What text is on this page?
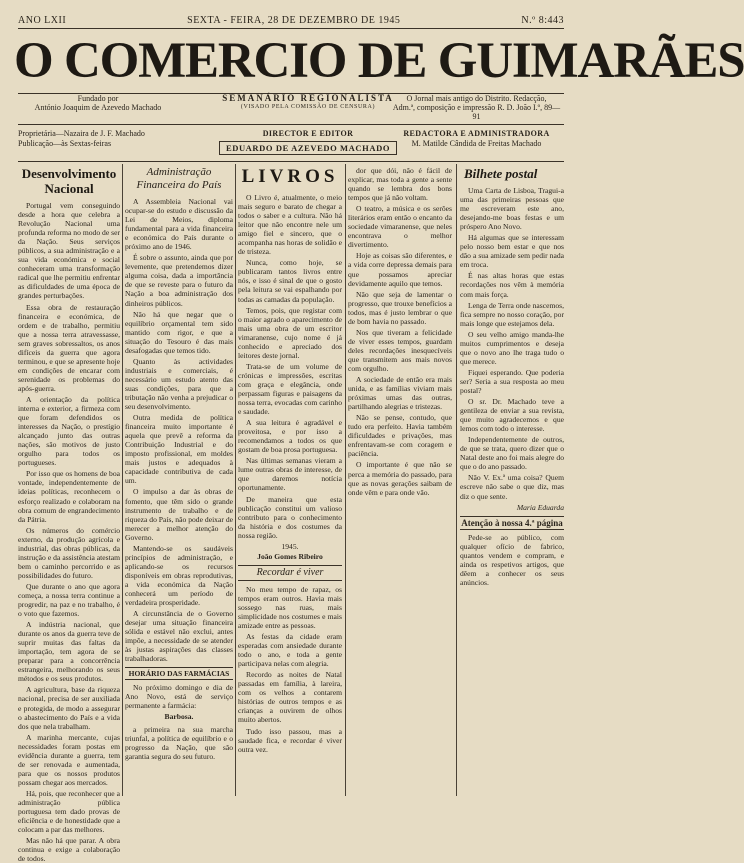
ANO LXII	SEXTA - FEIRA, 28 DE DEZEMBRO DE 1945	N.º 8:443
O COMERCIO DE GUIMARÃES
Fundado por
António Joaquim de Azevedo Machado
SEMANÁRIO REGIONALISTA
(VISADO PELA COMISSÃO DE CENSURA)
O Jornal mais antigo do Distrito. Redacção,
Adm.ª, composição e impressão R. D. João I.º, 89—91
Proprietária—Nazaira de J. F. Machado
Publicação—às Sextas-feiras
DIRECTOR E EDITOR
EDUARDO DE AZEVEDO MACHADO
REDACTORA E ADMINISTRADORA
M. Matilde Cândida de Freitas Machado
Desenvolvimento Nacional

Portugal vem conseguindo desde a hora que celebra a Revolução Nacional uma profunda reforma no modo de ser da Nação. Seus serviços públicos, a sua administração e a sua vida económica e social conheceram uma transformação radical que lhe permitiu enfrentar as dificuldades de uma época de grandes perturbações.

Essa obra de restauração financeira e económica, de ordem e de trabalho, permitiu que a nossa terra atravessasse, sem graves sobressaltos, os anos difíceis da guerra que agora terminou, e que se apresente hoje em condições de encarar com serenidade os problemas do após-guerra.

A orientação da política interna e exterior, a firmeza com que foram defendidos os interesses da Nação, o prestígio alcançado junto das outras nações, são motivos de justo orgulho para todos os portugueses.

Por isso que os homens de boa vontade, independentemente de ideias políticas, reconhecem o esforço realizado e colaboram na obra comum de engrandecimento da Pátria.

Os números do comércio externo, da produção agrícola e industrial, das obras públicas, da instrução e da assistência atestam bem o caminho percorrido e as possibilidades do futuro.

Que durante o ano que agora começa, a nossa terra continue a progredir, na paz e no trabalho, é o voto que fazemos.

A indústria nacional, que durante os anos da guerra teve de suprir muitas das faltas da importação, tem agora de se preparar para a concorrência estrangeira, melhorando os seus métodos e os seus produtos.

A agricultura, base da riqueza nacional, precisa de ser auxiliada e protegida, de modo a assegurar o abastecimento do País e a vida dos que nela trabalham.

A marinha mercante, cujas necessidades foram postas em evidência durante a guerra, tem de ser renovada e aumentada, para que os nossos produtos possam chegar aos mercados.

Há, pois, que reconhecer que a administração pública portuguesa tem dado provas de eficiência e de honestidade que a colocam a par das melhores.

Mas não há que parar. A obra continua e exige a colaboração de todos.

Administração Financeira do País

A Assembleia Nacional vai ocupar-se do estudo e discussão da Lei de Meios, diploma fundamental para a vida financeira e económica do País durante o próximo ano de 1946.

É sobre o assunto, ainda que por levemente, que pretendemos dizer alguma coisa, dada a importância de que se reveste para o futuro da Nação a boa administração dos dinheiros públicos.

Não há que negar que o equilíbrio orçamental tem sido mantido com rigor, e que a situação do Tesouro é das mais desafogadas que temos tido.

Quanto às actividades industriais e comerciais, é necessário um estudo atento das suas condições, para que a tributação não venha a prejudicar o seu desenvolvimento.

Outra medida de política financeira muito importante é aquela que prevê a reforma da Contribuição Industrial e do imposto profissional, em moldes mais justos e adequados à capacidade contributiva de cada um.

O impulso a dar às obras de fomento, que têm sido o grande instrumento de trabalho e de riqueza do País, não pode deixar de merecer a melhor atenção do Governo.

Mantendo-se os saudáveis princípios de administração, e aplicando-se os recursos disponíveis em obras reprodutivas, a vida económica da Nação conhecerá um período de verdadeira prosperidade.

A circunstância de o Governo desejar uma situação financeira sólida e estável não exclui, antes impõe, a necessidade de se atender às justas aspirações das classes trabalhadoras.

HORÁRIO DAS FARMÁCIAS

No próximo domingo e dia de Ano Novo, está de serviço permanente a farmácia:

Barbosa.

a primeira na sua marcha triunfal, a política de equilíbrio e o progresso da Nação, que são garantia segura do seu futuro.

LIVROS

O Livro é, atualmente, o meio mais seguro e barato de chegar a todos o saber e a cultura. Não há leitor que não encontre nele um amigo fiel e sincero, que o acompanha nas horas de solidão e de tristeza.

Nunca, como hoje, se publicaram tantos livros entre nós, e isso é sinal de que o gosto pela leitura se vai espalhando por todas as camadas da população.

Temos, pois, que registar com o maior agrado o aparecimento de mais uma obra de um escritor vimaranense, cujo nome é já conhecido e apreciado dos leitores deste jornal.

Trata-se de um volume de crónicas e impressões, escritas com graça e elegância, onde perpassam figuras e paisagens da nossa terra, evocadas com carinho e saudade.

A sua leitura é agradável e proveitosa, e por isso a recomendamos a todos os que gostam de boa prosa portuguesa.

Nas últimas semanas vieram a lume outras obras de interesse, de que daremos notícia oportunamente.

De maneira que esta publicação constitui um valioso contributo para o conhecimento da história e dos costumes da nossa região.

1945.
João Gomes Ribeiro
Recordar é viver

No meu tempo de rapaz, os tempos eram outros. Havia mais sossego nas ruas, mais simplicidade nos costumes e mais amizade entre as pessoas.

As festas da cidade eram esperadas com ansiedade durante todo o ano, e toda a gente participava nelas com alegria.

Recordo as noites de Natal passadas em família, à lareira, com os velhos a contarem histórias de outros tempos e as crianças a ouvirem de olhos muito abertos.

Tudo isso passou, mas a saudade fica, e recordar é viver outra vez.

dor que dói, não é fácil de explicar, mas toda a gente a sente quando se lembra dos bons tempos que já não voltam.

O teatro, a música e os serões literários eram então o encanto da sociedade vimaranense, que neles encontrava o melhor divertimento.

Hoje as coisas são diferentes, e a vida corre depressa demais para que possamos apreciar devidamente aquilo que temos.

Não que seja de lamentar o progresso, que trouxe benefícios a todos, mas é justo lembrar o que de bom havia no passado.

Nos que tiveram a felicidade de viver esses tempos, guardam deles recordações inesquecíveis que transmitem aos mais novos com orgulho.

A sociedade de então era mais unida, e as famílias viviam mais próximas umas das outras, partilhando alegrias e tristezas.

Não se pense, contudo, que tudo era perfeito. Havia também dificuldades e privações, mas enfrentavam-se com coragem e paciência.

O importante é que não se perca a memória do passado, para que as novas gerações saibam de onde vêm e para onde vão.

Bilhete postal

Uma Carta de Lisboa, Tragui-a uma das primeiras pessoas que me escreveram este ano, desejando-me boas festas e um próspero Ano Novo.

Há algumas que se interessam pelo nosso bem estar e que nos dão a sua amizade sem pedir nada em troca.

É nas altas horas que estas recordações nos vêm à memória com mais força.

Lenga de Terra onde nascemos, fica sempre no nosso coração, por mais longe que estejamos dela.

O seu velho amigo manda-lhe muitos cumprimentos e deseja que o novo ano lhe traga tudo o que merece.

Fiquei esperando. Que poderia ser? Seria a sua resposta ao meu postal?

O sr. Dr. Machado teve a gentileza de enviar a sua revista, que muito agradecemos e que lemos com todo o interesse.

Independentemente de outros, de que se trata, quero dizer que o Natal deste ano foi mais alegre do que o do ano passado.

Não V. Ex.ª uma coisa? Quem escreve não sabe o que diz, mas diz o que sente.

Maria Eduarda
Atenção à nossa 4.ª página

Pede-se ao público, com qualquer ofício de fabrico, quantos vendem e compram, e ainda os respetivos artigos, que dêem a conhecer os seus anúncios.
